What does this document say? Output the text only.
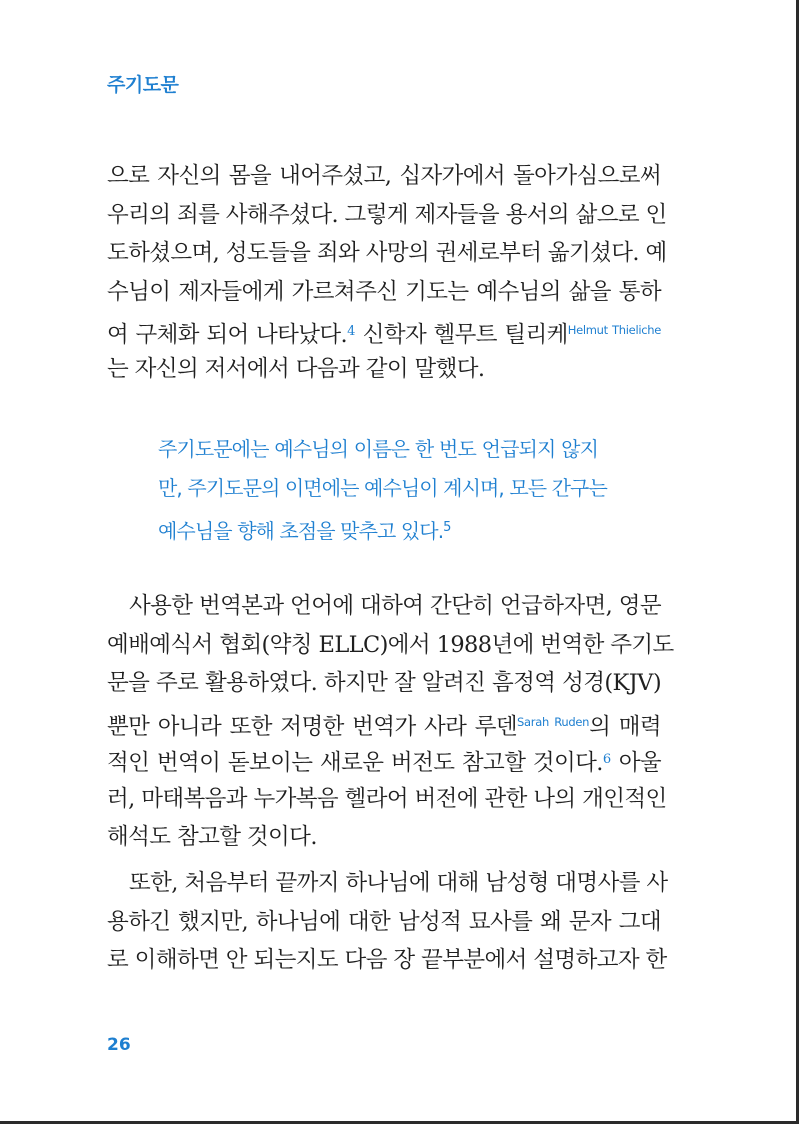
주기도문
으로 자신의 몸을 내어주셨고, 십자가에서 돌아가심으로써
우리의 죄를 사해주셨다. 그렇게 제자들을 용서의 삶으로 인
도하셨으며, 성도들을 죄와 사망의 권세로부터 옮기셨다. 예
수님이 제자들에게 가르쳐주신 기도는 예수님의 삶을 통하
여 구체화 되어 나타났다.$^4$ 신학자 헬무트 틸리케$^{Helmut Thieliche}$
는 자신의 저서에서 다음과 같이 말했다.
주기도문에는 예수님의 이름은 한 번도 언급되지 않지
만, 주기도문의 이면에는 예수님이 계시며, 모든 간구는
예수님을 향해 초점을 맞추고 있다.$^5$
사용한 번역본과 언어에 대하여 간단히 언급하자면, 영문
예배예식서 협회(약칭 ELLC)에서 1988년에 번역한 주기도
문을 주로 활용하였다. 하지만 잘 알려진 흠정역 성경(KJV)
뿐만 아니라 또한 저명한 번역가 사라 루덴$^{Sarah Ruden}$의 매력
적인 번역이 돋보이는 새로운 버전도 참고할 것이다.$^6$ 아울
러, 마태복음과 누가복음 헬라어 버전에 관한 나의 개인적인
해석도 참고할 것이다.
또한, 처음부터 끝까지 하나님에 대해 남성형 대명사를 사
용하긴 했지만, 하나님에 대한 남성적 묘사를 왜 문자 그대
로 이해하면 안 되는지도 다음 장 끝부분에서 설명하고자 한
26
